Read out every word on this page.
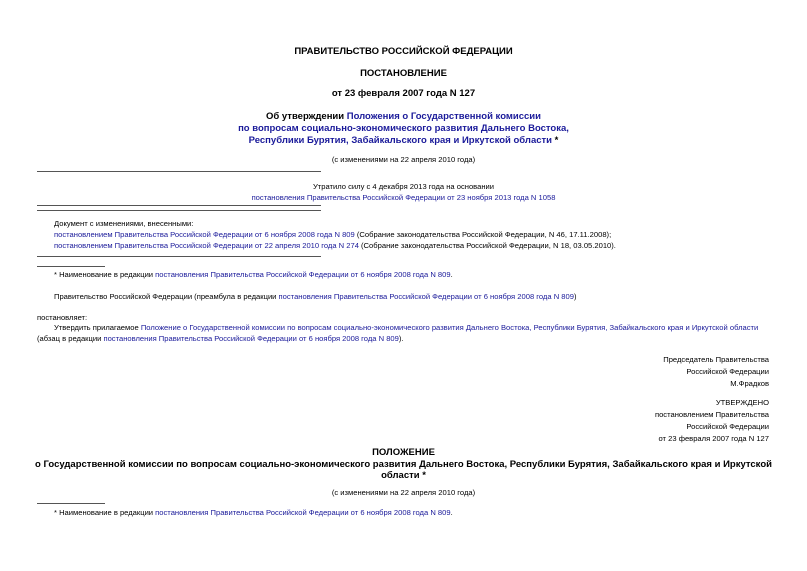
ПРАВИТЕЛЬСТВО РОССИЙСКОЙ ФЕДЕРАЦИИ
ПОСТАНОВЛЕНИЕ
от 23 февраля 2007 года N 127
Об утверждении Положения о Государственной комиссии
по вопросам социально-экономического развития Дальнего Востока,
Республики Бурятия, Забайкальского края и Иркутской области *
(с изменениями на 22 апреля 2010 года)
Утратило силу с 4 декабря 2013 года на основании
постановления Правительства Российской Федерации от 23 ноября 2013 года N 1058
Документ с изменениями, внесенными:
постановлением Правительства Российской Федерации от 6 ноября 2008 года N 809 (Собрание законодательства Российской Федерации, N 46, 17.11.2008);
постановлением Правительства Российской Федерации от 22 апреля 2010 года N 274 (Собрание законодательства Российской Федерации, N 18, 03.05.2010).
* Наименование в редакции постановления Правительства Российской Федерации от 6 ноября 2008 года N 809.
Правительство Российской Федерации (преамбула в редакции постановления Правительства Российской Федерации от 6 ноября 2008 года N 809)
постановляет:
Утвердить прилагаемое Положение о Государственной комиссии по вопросам социально-экономического развития Дальнего Востока, Республики Бурятия, Забайкальского края и Иркутской области (абзац в редакции постановления Правительства Российской Федерации от 6 ноября 2008 года N 809).
Председатель Правительства
Российской Федерации
М.Фрадков
УТВЕРЖДЕНО
постановлением Правительства
Российской Федерации
от 23 февраля 2007 года N 127
ПОЛОЖЕНИЕ
о Государственной комиссии по вопросам социально-экономического развития Дальнего Востока, Республики Бурятия, Забайкальского края и Иркутской
области *
(с изменениями на 22 апреля 2010 года)
* Наименование в редакции постановления Правительства Российской Федерации от 6 ноября 2008 года N 809.
